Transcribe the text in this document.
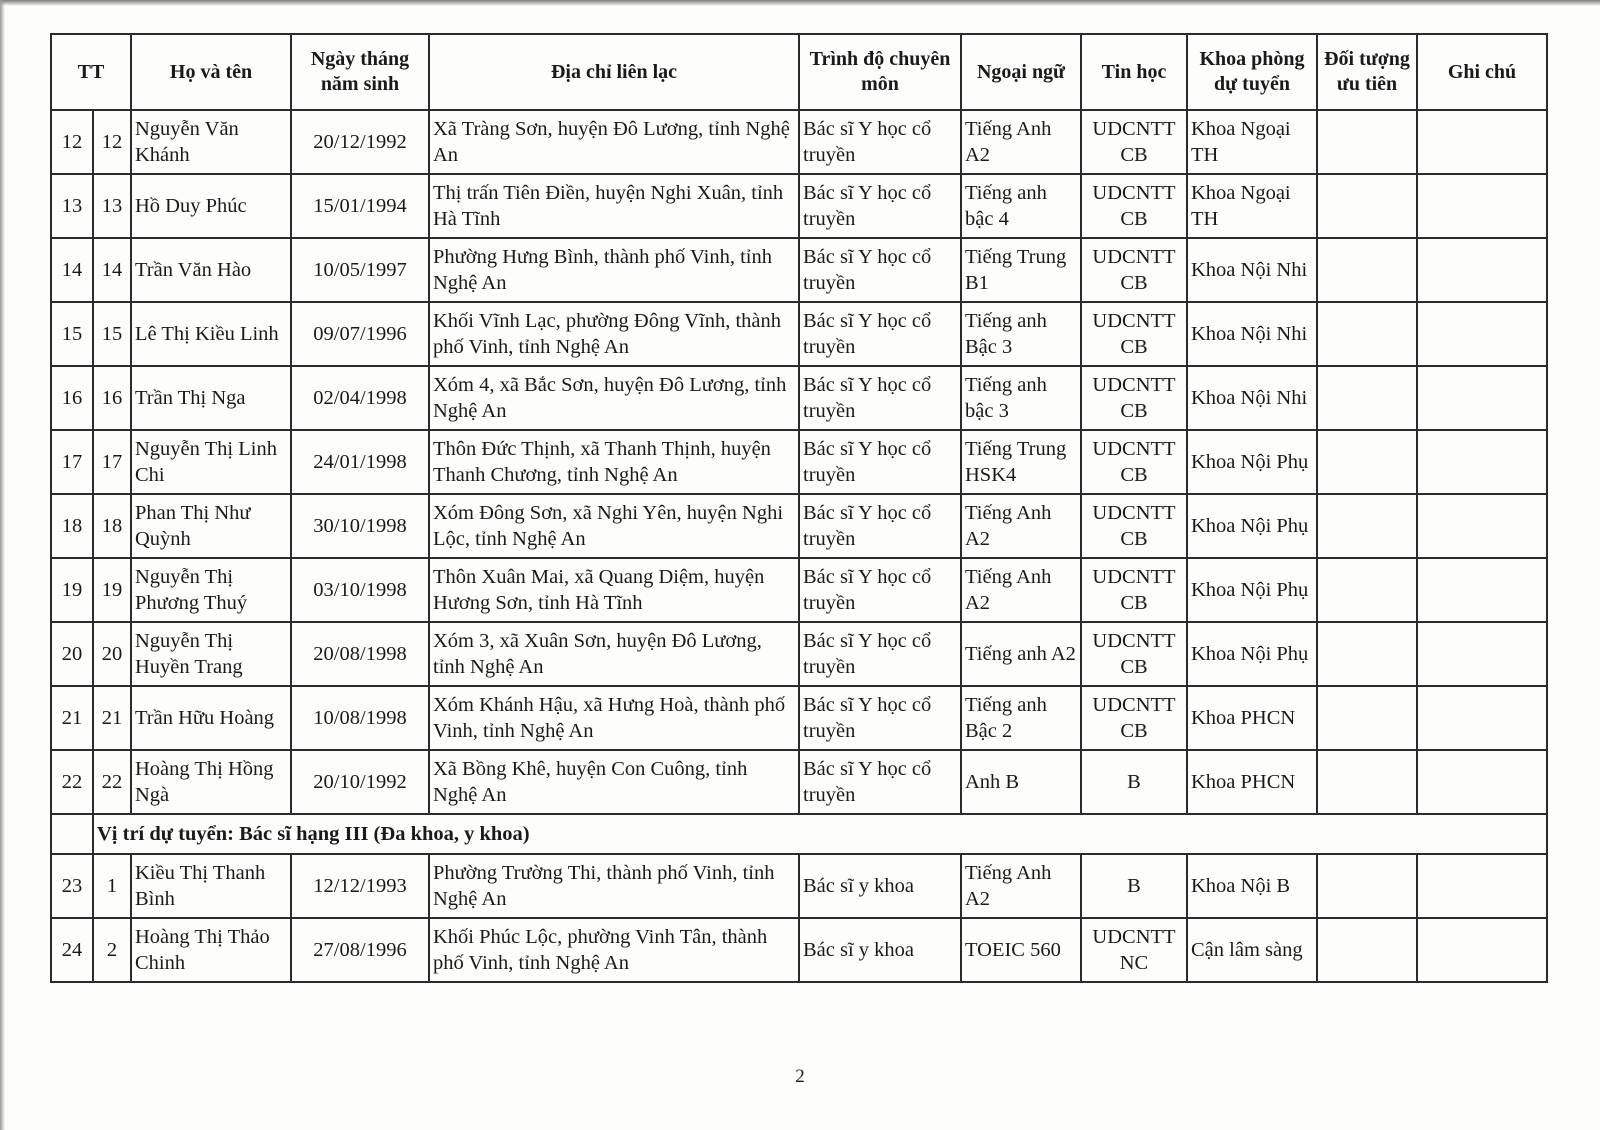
TT		Họ và tên	Ngày tháng năm sinh	Địa chỉ liên lạc	Trình độ chuyên môn	Ngoại ngữ	Tin học	Khoa phòng dự tuyển	Đối tượng ưu tiên	Ghi chú
12	12	Nguyễn Văn Khánh	20/12/1992	Xã Tràng Sơn, huyện Đô Lương, tỉnh Nghệ An	Bác sĩ Y học cổ truyền	Tiếng Anh A2	UDCNTT CB	Khoa Ngoại TH		
13	13	Hồ Duy Phúc	15/01/1994	Thị trấn Tiên Điền, huyện Nghi Xuân, tỉnh Hà Tĩnh	Bác sĩ Y học cổ truyền	Tiếng anh bậc 4	UDCNTT CB	Khoa Ngoại TH		
14	14	Trần Văn Hào	10/05/1997	Phường Hưng Bình, thành phố Vinh, tỉnh Nghệ An	Bác sĩ Y học cổ truyền	Tiếng Trung B1	UDCNTT CB	Khoa Nội Nhi		
15	15	Lê Thị Kiều Linh	09/07/1996	Khối Vĩnh Lạc, phường Đông Vĩnh, thành phố Vinh, tỉnh Nghệ An	Bác sĩ Y học cổ truyền	Tiếng anh Bậc 3	UDCNTT CB	Khoa Nội Nhi		
16	16	Trần Thị Nga	02/04/1998	Xóm 4, xã Bắc Sơn, huyện Đô Lương, tỉnh Nghệ An	Bác sĩ Y học cổ truyền	Tiếng anh bậc 3	UDCNTT CB	Khoa Nội Nhi		
17	17	Nguyễn Thị Linh Chi	24/01/1998	Thôn Đức Thịnh, xã Thanh Thịnh, huyện Thanh Chương, tỉnh Nghệ An	Bác sĩ Y học cổ truyền	Tiếng Trung HSK4	UDCNTT CB	Khoa Nội Phụ		
18	18	Phan Thị Như Quỳnh	30/10/1998	Xóm Đông Sơn, xã Nghi Yên, huyện Nghi Lộc, tỉnh Nghệ An	Bác sĩ Y học cổ truyền	Tiếng Anh A2	UDCNTT CB	Khoa Nội Phụ		
19	19	Nguyễn Thị Phương Thuý	03/10/1998	Thôn Xuân Mai, xã Quang Diệm, huyện Hương Sơn, tỉnh Hà Tĩnh	Bác sĩ Y học cổ truyền	Tiếng Anh A2	UDCNTT CB	Khoa Nội Phụ		
20	20	Nguyễn Thị Huyền Trang	20/08/1998	Xóm 3, xã Xuân Sơn, huyện Đô Lương, tỉnh Nghệ An	Bác sĩ Y học cổ truyền	Tiếng anh A2	UDCNTT CB	Khoa Nội Phụ		
21	21	Trần Hữu Hoàng	10/08/1998	Xóm Khánh Hậu, xã Hưng Hoà, thành phố Vinh, tỉnh Nghệ An	Bác sĩ Y học cổ truyền	Tiếng anh Bậc 2	UDCNTT CB	Khoa PHCN		
22	22	Hoàng Thị Hồng Ngà	20/10/1992	Xã Bồng Khê, huyện Con Cuông, tỉnh Nghệ An	Bác sĩ Y học cổ truyền	Anh B	B	Khoa PHCN		
	Vị trí dự tuyển: Bác sĩ hạng III (Đa khoa, y khoa)									
23	1	Kiều Thị Thanh Bình	12/12/1993	Phường Trường Thi, thành phố Vinh, tỉnh Nghệ An	Bác sĩ y khoa	Tiếng Anh A2	B	Khoa Nội B		
24	2	Hoàng Thị Thảo Chinh	27/08/1996	Khối Phúc Lộc, phường Vinh Tân, thành phố Vinh, tỉnh Nghệ An	Bác sĩ y khoa	TOEIC 560	UDCNTT NC	Cận lâm sàng		
2
